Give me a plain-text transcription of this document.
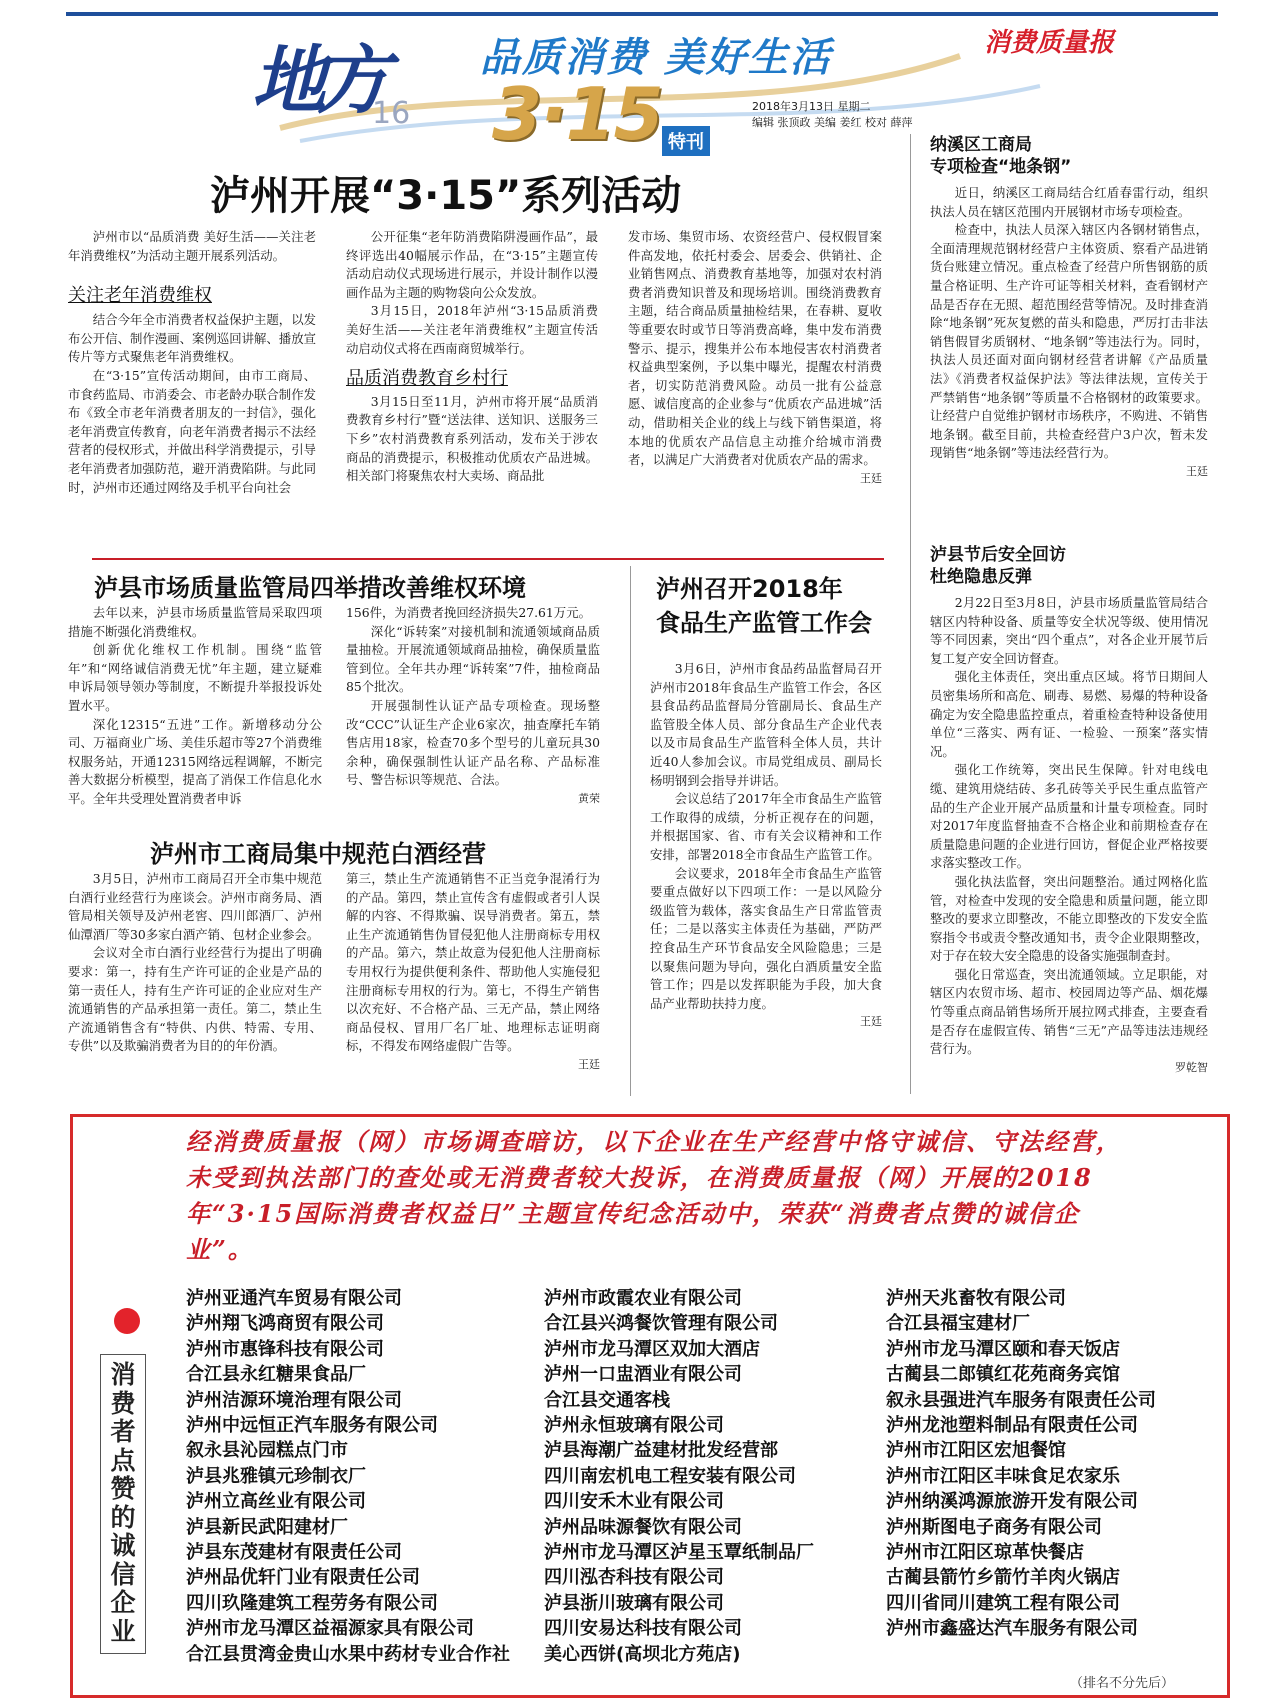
地方
16
品质消费 美好生活
3·15 特刊
消费质量报
2018年3月13日 星期二
编辑 张顶政 美编 姜红 校对 薛萍
泸州开展“3·15”系列活动
泸州市以“品质消费 美好生活——关注老年消费维权”为活动主题开展系列活动。
关注老年消费维权

结合今年全市消费者权益保护主题，以发布公开信、制作漫画、案例巡回讲解、播放宣传片等方式聚焦老年消费维权。

在“3·15”宣传活动期间，由市工商局、市食药监局、市消委会、市老龄办联合制作发布《致全市老年消费者朋友的一封信》，强化老年消费宣传教育，向老年消费者揭示不法经营者的侵权形式，并做出科学消费提示，引导老年消费者加强防范，避开消费陷阱。与此同时，泸州市还通过网络及手机平台向社会

公开征集“老年防消费陷阱漫画作品”，最终评选出40幅展示作品，在“3·15”主题宣传活动启动仪式现场进行展示，并设计制作以漫画作品为主题的购物袋向公众发放。

3月15日，2018年泸州“3·15品质消费 美好生活——关注老年消费维权”主题宣传活动启动仪式将在西南商贸城举行。

品质消费教育乡村行

3月15日至11月，泸州市将开展“品质消费教育乡村行”暨“送法律、送知识、送服务三下乡”农村消费教育系列活动，发布关于涉农商品的消费提示，积极推动优质农产品进城。相关部门将聚焦农村大卖场、商品批

发市场、集贸市场、农资经营户、侵权假冒案件高发地，依托村委会、居委会、供销社、企业销售网点、消费教育基地等，加强对农村消费者消费知识普及和现场培训。围绕消费教育主题，结合商品质量抽检结果，在春耕、夏收等重要农时或节日等消费高峰，集中发布消费警示、提示，搜集并公布本地侵害农村消费者权益典型案例，予以集中曝光，提醒农村消费者，切实防范消费风险。动员一批有公益意愿、诚信度高的企业参与“优质农产品进城”活动，借助相关企业的线上与线下销售渠道，将本地的优质农产品信息主动推介给城市消费者，以满足广大消费者对优质农产品的需求。

王廷

纳溪区工商局
专项检查“地条钢”

近日，纳溪区工商局结合红盾春雷行动，组织执法人员在辖区范围内开展钢材市场专项检查。

检查中，执法人员深入辖区内各钢材销售点，全面清理规范钢材经营户主体资质、察看产品进销货台账建立情况。重点检查了经营户所售钢筋的质量合格证明、生产许可证等相关材料，查看钢材产品是否存在无照、超范围经营等情况。及时排查消除“地条钢”死灰复燃的苗头和隐患，严厉打击非法销售假冒劣质钢材、“地条钢”等违法行为。同时，执法人员还面对面向钢材经营者讲解《产品质量法》《消费者权益保护法》等法律法规，宣传关于严禁销售“地条钢”等质量不合格钢材的政策要求。让经营户自觉维护钢材市场秩序，不购进、不销售地条钢。截至目前，共检查经营户3户次，暂未发现销售“地条钢”等违法经营行为。

王廷

泸县市场质量监管局四举措改善维权环境

去年以来，泸县市场质量监管局采取四项措施不断强化消费维权。

创新优化维权工作机制。围绕“监管年”和“网络诚信消费无忧”年主题，建立疑难申诉局领导领办等制度，不断提升举报投诉处置水平。

深化12315“五进”工作。新增移动分公司、万福商业广场、美佳乐超市等27个消费维权服务站，开通12315网络远程调解，不断完善大数据分析模型，提高了消保工作信息化水平。全年共受理处置消费者申诉

156件，为消费者挽回经济损失27.61万元。

深化“诉转案”对接机制和流通领域商品质量抽检。开展流通领域商品抽检，确保质量监管到位。全年共办理“诉转案”7件，抽检商品85个批次。

开展强制性认证产品专项检查。现场整改“CCC”认证生产企业6家次，抽查摩托车销售店用18家，检查70多个型号的儿童玩具30余种，确保强制性认证产品名称、产品标准号、警告标识等规范、合法。

黄荣

泸州召开2018年
食品生产监管工作会

3月6日，泸州市食品药品监督局召开泸州市2018年食品生产监管工作会，各区县食品药品监督局分管副局长、食品生产监管股全体人员、部分食品生产企业代表以及市局食品生产监管科全体人员，共计近40人参加会议。市局党组成员、副局长杨明钢到会指导并讲话。

会议总结了2017年全市食品生产监管工作取得的成绩，分析正视存在的问题，并根据国家、省、市有关会议精神和工作安排，部署2018全市食品生产监管工作。

会议要求，2018年全市食品生产监管要重点做好以下四项工作：一是以风险分级监管为载体，落实食品生产日常监管责任；二是以落实主体责任为基础，严防严控食品生产环节食品安全风险隐患；三是以聚焦问题为导向，强化白酒质量安全监管工作；四是以发挥职能为手段，加大食品产业帮助扶持力度。

王廷

泸州市工商局集中规范白酒经营

3月5日，泸州市工商局召开全市集中规范白酒行业经营行为座谈会。泸州市商务局、酒管局相关领导及泸州老窖、四川郎酒厂、泸州仙潭酒厂等30多家白酒产销、包材企业参会。

会议对全市白酒行业经营行为提出了明确要求：第一，持有生产许可证的企业是产品的第一责任人，持有生产许可证的企业应对生产流通销售的产品承担第一责任。第二，禁止生产流通销售含有“特供、内供、特需、专用、专供”以及欺骗消费者为目的的年份酒。

第三，禁止生产流通销售不正当竞争混淆行为的产品。第四，禁止宣传含有虚假或者引人误解的内容、不得欺骗、误导消费者。第五，禁止生产流通销售伪冒侵犯他人注册商标专用权的产品。第六，禁止故意为侵犯他人注册商标专用权行为提供便利条件、帮助他人实施侵犯注册商标专用权的行为。第七，不得生产销售以次充好、不合格产品、三无产品，禁止网络商品侵权、冒用厂名厂址、地理标志证明商标，不得发布网络虚假广告等。

王廷

泸县节后安全回访
杜绝隐患反弹

2月22日至3月8日，泸县市场质量监管局结合辖区内特种设备、质量等安全状况等级、使用情况等不同因素，突出“四个重点”，对各企业开展节后复工复产安全回访督查。

强化主体责任，突出重点区域。将节日期间人员密集场所和高危、刷毒、易燃、易爆的特种设备确定为安全隐患监控重点，着重检查特种设备使用单位“三落实、两有证、一检验、一预案”落实情况。

强化工作统筹，突出民生保障。针对电线电缆、建筑用烧结砖、多孔砖等关乎民生重点监管产品的生产企业开展产品质量和计量专项检查。同时对2017年度监督抽查不合格企业和前期检查存在质量隐患问题的企业进行回访，督促企业严格按要求落实整改工作。

强化执法监督，突出问题整治。通过网格化监管，对检查中发现的安全隐患和质量问题，能立即整改的要求立即整改，不能立即整改的下发安全监察指令书或责令整改通知书，责令企业限期整改，对于存在较大安全隐患的设备实施强制查封。

强化日常巡查，突出流通领域。立足职能，对辖区内农贸市场、超市、校园周边等产品、烟花爆竹等重点商品销售场所开展拉网式排查，主要查看是否存在虚假宣传、销售“三无”产品等违法违规经营行为。

罗乾智

经消费质量报（网）市场调查暗访，以下企业在生产经营中恪守诚信、守法经营，未受到执法部门的查处或无消费者较大投诉，在消费质量报（网）开展的2018年“3·15国际消费者权益日”主题宣传纪念活动中，荣获“消费者点赞的诚信企业”。
消
费
者
点
赞
的
诚
信
企
业
泸州亚通汽车贸易有限公司
泸州翔飞鸿商贸有限公司
泸州市惠锋科技有限公司
合江县永红糖果食品厂
泸州洁源环境治理有限公司
泸州中远恒正汽车服务有限公司
叙永县沁园糕点门市
泸县兆雅镇元珍制衣厂
泸州立高丝业有限公司
泸县新民武阳建材厂
泸县东茂建材有限责任公司
泸州品优轩门业有限责任公司
四川玖隆建筑工程劳务有限公司
泸州市龙马潭区益福源家具有限公司
合江县贯湾金贵山水果中药材专业合作社
泸州市政霞农业有限公司
合江县兴鸿餐饮管理有限公司
泸州市龙马潭区双加大酒店
泸州一口盅酒业有限公司
合江县交通客栈
泸州永恒玻璃有限公司
泸县海潮广益建材批发经营部
四川南宏机电工程安装有限公司
四川安禾木业有限公司
泸州品味源餐饮有限公司
泸州市龙马潭区泸星玉覃纸制品厂
四川泓杏科技有限公司
泸县浙川玻璃有限公司
四川安易达科技有限公司
美心西饼(高坝北方苑店)
泸州天兆畜牧有限公司
合江县福宝建材厂
泸州市龙马潭区颐和春天饭店
古蔺县二郎镇红花苑商务宾馆
叙永县强进汽车服务有限责任公司
泸州龙池塑料制品有限责任公司
泸州市江阳区宏旭餐馆
泸州市江阳区丰味食足农家乐
泸州纳溪鸿源旅游开发有限公司
泸州斯图电子商务有限公司
泸州市江阳区琼革快餐店
古蔺县箭竹乡箭竹羊肉火锅店
四川省同川建筑工程有限公司
泸州市鑫盛达汽车服务有限公司
（排名不分先后）
